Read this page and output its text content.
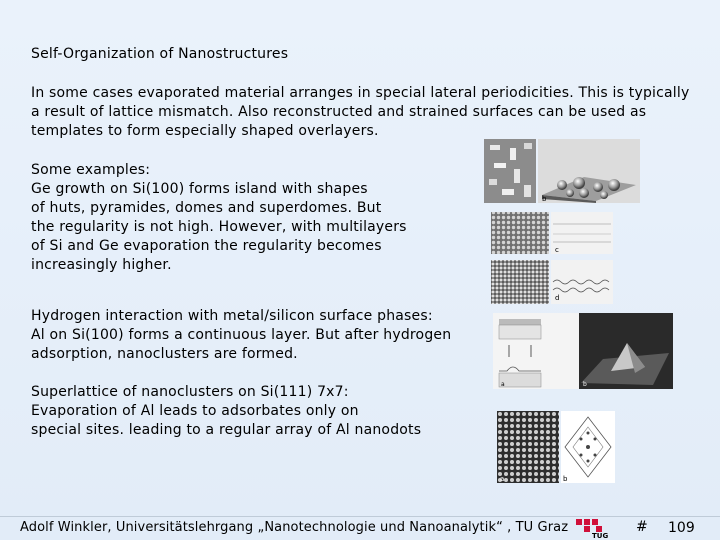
Self-Organization of Nanostructures
In some cases evaporated material arranges in special lateral periodicities. This is typically a result of lattice mismatch. Also reconstructed and strained surfaces can be used as templates to form especially shaped overlayers.
Some examples:
Ge growth on Si(100) forms island with shapes
of huts, pyramides, domes and superdomes. But
the regularity is not high. However, with multilayers
of Si and Ge evaporation the regularity becomes
increasingly higher.
Hydrogen interaction with metal/silicon surface phases:
Al on Si(100) forms a continuous layer. But after hydrogen
adsorption, nanoclusters are formed.
Superlattice of nanoclusters on Si(111) 7x7:
Evaporation of Al leads to adsorbates only on
special sites. leading to a regular array of Al nanodots
b
c
d
a	b
a	b
Adolf Winkler, Universitätslehrgang „Nanotechnologie und Nanoanalytik“ , TU Graz	# 109
TUG
